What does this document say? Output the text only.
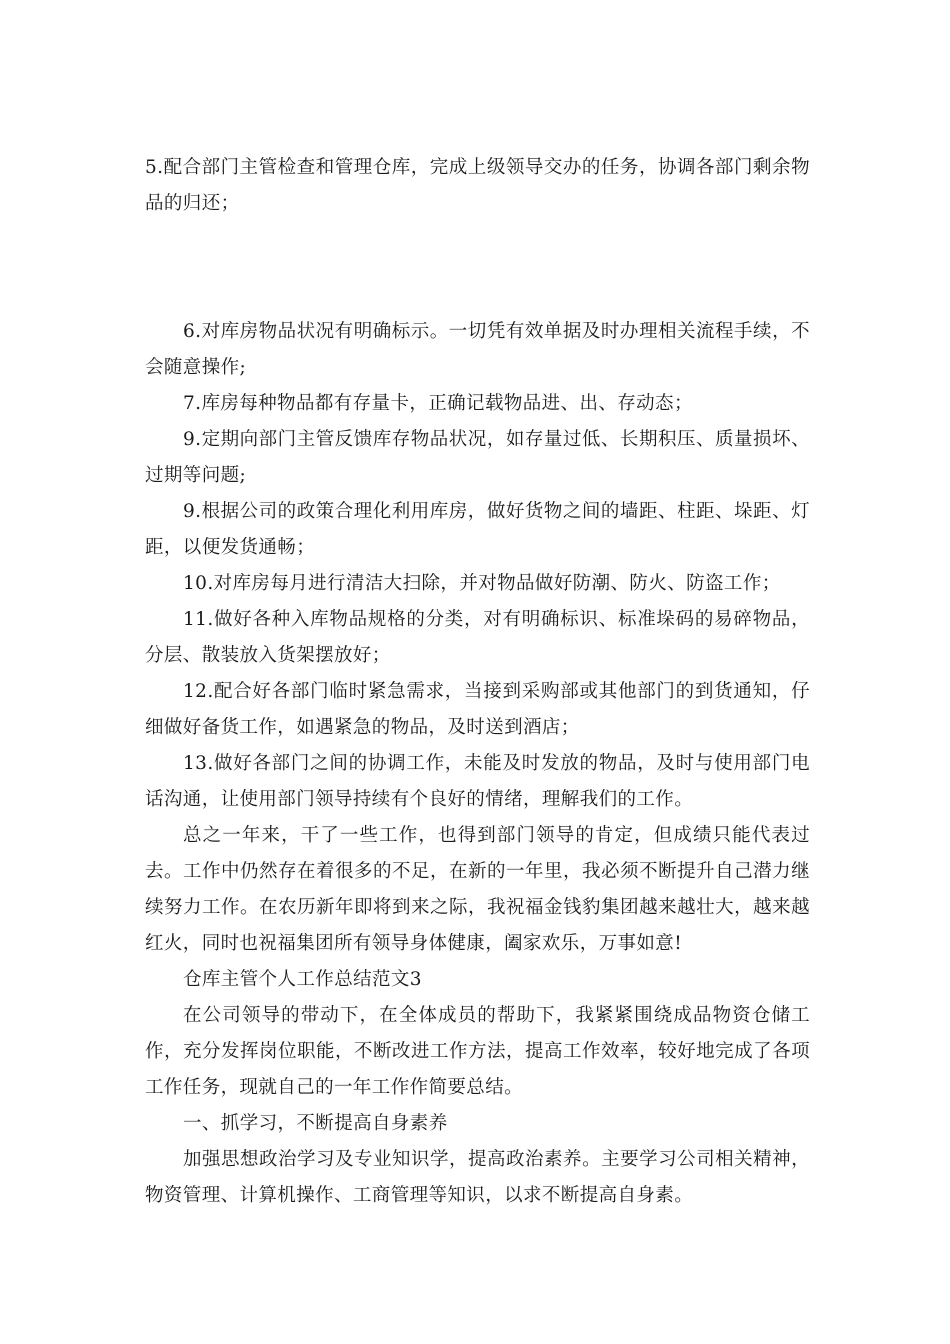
5.配合部门主管检查和管理仓库，完成上级领导交办的任务，协调各部门剩余物品的归还；

6.对库房物品状况有明确标示。一切凭有效单据及时办理相关流程手续，不会随意操作;

7.库房每种物品都有存量卡，正确记载物品进、出、存动态；

9.定期向部门主管反馈库存物品状况，如存量过低、长期积压、质量损坏、过期等问题;

9.根据公司的政策合理化利用库房，做好货物之间的墙距、柱距、垛距、灯距，以便发货通畅；

10.对库房每月进行清洁大扫除，并对物品做好防潮、防火、防盗工作；

11.做好各种入库物品规格的分类，对有明确标识、标准垛码的易碎物品，分层、散装放入货架摆放好；

12.配合好各部门临时紧急需求，当接到采购部或其他部门的到货通知，仔细做好备货工作，如遇紧急的物品，及时送到酒店；

13.做好各部门之间的协调工作，未能及时发放的物品，及时与使用部门电话沟通，让使用部门领导持续有个良好的情绪，理解我们的工作。

总之一年来，干了一些工作，也得到部门领导的肯定，但成绩只能代表过去。工作中仍然存在着很多的不足，在新的一年里，我必须不断提升自己潜力继续努力工作。在农历新年即将到来之际，我祝福金钱豹集团越来越壮大，越来越红火，同时也祝福集团所有领导身体健康，阖家欢乐，万事如意!

仓库主管个人工作总结范文3

在公司领导的带动下，在全体成员的帮助下，我紧紧围绕成品物资仓储工作，充分发挥岗位职能，不断改进工作方法，提高工作效率，较好地完成了各项工作任务，现就自己的一年工作作简要总结。

一、抓学习，不断提高自身素养

加强思想政治学习及专业知识学，提高政治素养。主要学习公司相关精神，物资管理、计算机操作、工商管理等知识，以求不断提高自身素。
